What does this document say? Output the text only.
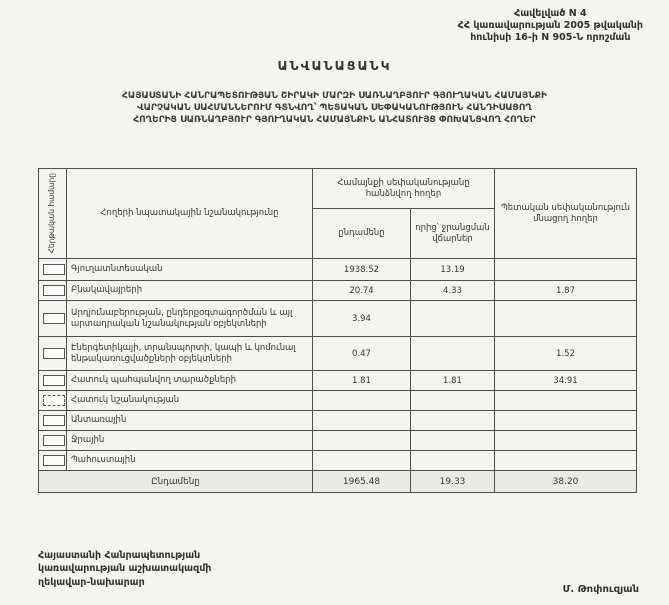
Հավելված N 4
ՀՀ կառավարության 2005 թվականի
հունիսի 16-ի N 905-Ն որոշման
ԱՆՎԱՆԱՑԱՆԿ
ՀԱՅԱՍՏԱՆԻ ՀԱՆՐԱՊԵՏՈՒԹՅԱՆ ՇԻՐԱԿԻ ՄԱՐԶԻ ՍԱՌՆԱՂԲՅՈՒՐ ԳՅՈՒՂԱԿԱՆ ՀԱՄԱՅՆՔԻ
ՎԱՐՉԱԿԱՆ ՍԱՀՄԱՆՆԵՐՈՒՄ ԳՏՆՎՈՂ՝ ՊԵՏԱԿԱՆ ՍԵՓԱԿԱՆՈՒԹՅՈՒՆ ՀԱՆԴԻՍԱՑՈՂ
ՀՈՂԵՐԻՑ ՍԱՌՆԱՂԲՅՈՒՐ ԳՅՈՒՂԱԿԱՆ ՀԱՄԱՅՆՔԻՆ ԱՆՀԱՏՈՒՅՑ ՓՈԽԱՆՑՎՈՂ ՀՈՂԵՐ
Հերթական համարը	Հողերի նպատակային նշանակությունը	Համայնքի սեփականությանը հանձնվող հողեր		Պետական սեփականություն մնացող հողեր
		ընդամենը	որից՝ ջրանցման վճարներ	

	Գյուղատնտեսական	1938.52	13.19	

	Բնակավայրերի	20.74	4.33	1.87

	Արդյունաբերության, ընդերքօգտագործման և այլ արտադրական նշանակության օբյեկտների	3.94		

	Էներգետիկայի, տրանսպորտի, կապի և կոմունալ ենթակառուցվածքների օբյեկտների	0.47		1.52

	Հատուկ պահպանվող տարածքների	1.81	1.81	34.91

	Հատուկ նշանակության			

	Անտառային			

	Ջրային			

	Պահուստային			
Ընդամենը		1965.48	19.33	38.20
Հայաստանի Հանրապետության
կառավարության աշխատակազմի
ղեկավար-նախարար
Մ. Թոփուզյան
